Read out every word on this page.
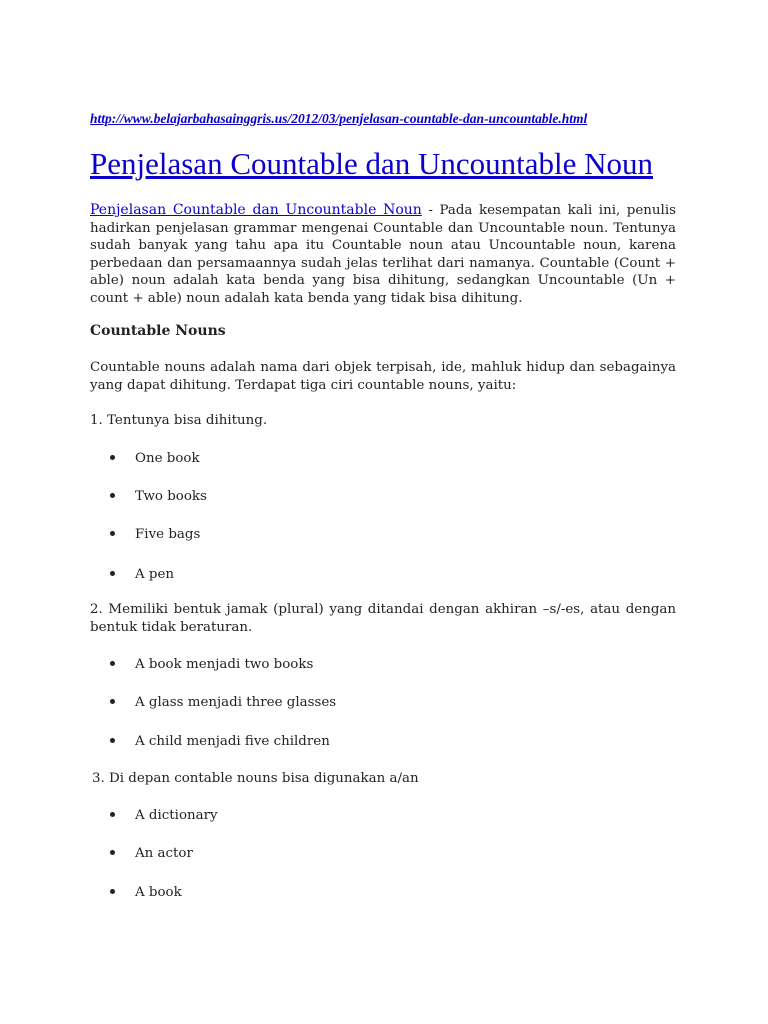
http://www.belajarbahasainggris.us/2012/03/penjelasan-countable-dan-uncountable.html
Penjelasan Countable dan Uncountable Noun

Penjelasan Countable dan Uncountable Noun - Pada kesempatan kali ini, penulis hadirkan penjelasan grammar mengenai Countable dan Uncountable noun. Tentunya sudah banyak yang tahu apa itu Countable noun atau Uncountable noun, karena perbedaan dan persamaannya sudah jelas terlihat dari namanya. Countable (Count + able) noun adalah kata benda yang bisa dihitung, sedangkan Uncountable (Un + count + able) noun adalah kata benda yang tidak bisa dihitung.

Countable Nouns

Countable nouns adalah nama dari objek terpisah, ide, mahluk hidup dan sebagainya yang dapat dihitung. Terdapat tiga ciri countable nouns, yaitu:

1. Tentunya bisa dihitung.

One book
Two books
Five bags
A pen

2. Memiliki bentuk jamak (plural) yang ditandai dengan akhiran –s/-es, atau dengan bentuk tidak beraturan.

A book menjadi two books
A glass menjadi three glasses
A child menjadi five children

3. Di depan contable nouns bisa digunakan a/an

A dictionary
An actor
A book
